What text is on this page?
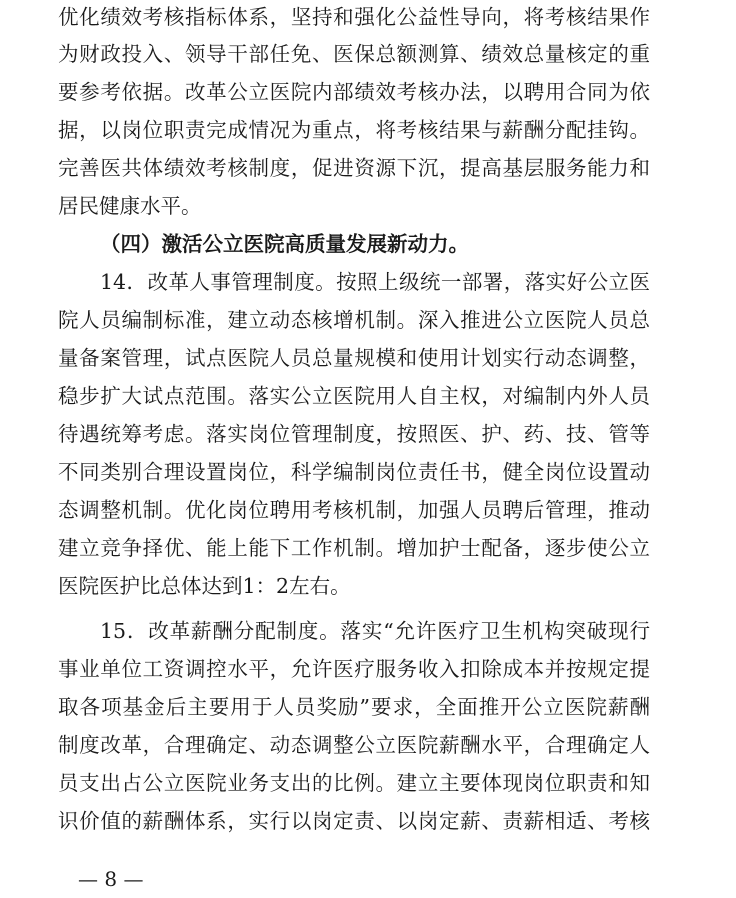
优化绩效考核指标体系，坚持和强化公益性导向，将考核结果作
为财政投入、领导干部任免、医保总额测算、绩效总量核定的重
要参考依据。改革公立医院内部绩效考核办法，以聘用合同为依
据，以岗位职责完成情况为重点，将考核结果与薪酬分配挂钩。
完善医共体绩效考核制度，促进资源下沉，提高基层服务能力和
居民健康水平。
（四）激活公立医院高质量发展新动力。
14．改革人事管理制度。按照上级统一部署，落实好公立医
院人员编制标准，建立动态核增机制。深入推进公立医院人员总
量备案管理，试点医院人员总量规模和使用计划实行动态调整，
稳步扩大试点范围。落实公立医院用人自主权，对编制内外人员
待遇统筹考虑。落实岗位管理制度，按照医、护、药、技、管等
不同类别合理设置岗位，科学编制岗位责任书，健全岗位设置动
态调整机制。优化岗位聘用考核机制，加强人员聘后管理，推动
建立竞争择优、能上能下工作机制。增加护士配备，逐步使公立
医院医护比总体达到1：2左右。
15．改革薪酬分配制度。落实“允许医疗卫生机构突破现行
事业单位工资调控水平，允许医疗服务收入扣除成本并按规定提
取各项基金后主要用于人员奖励”要求，全面推开公立医院薪酬
制度改革，合理确定、动态调整公立医院薪酬水平，合理确定人
员支出占公立医院业务支出的比例。建立主要体现岗位职责和知
识价值的薪酬体系，实行以岗定责、以岗定薪、责薪相适、考核
— 8 —
